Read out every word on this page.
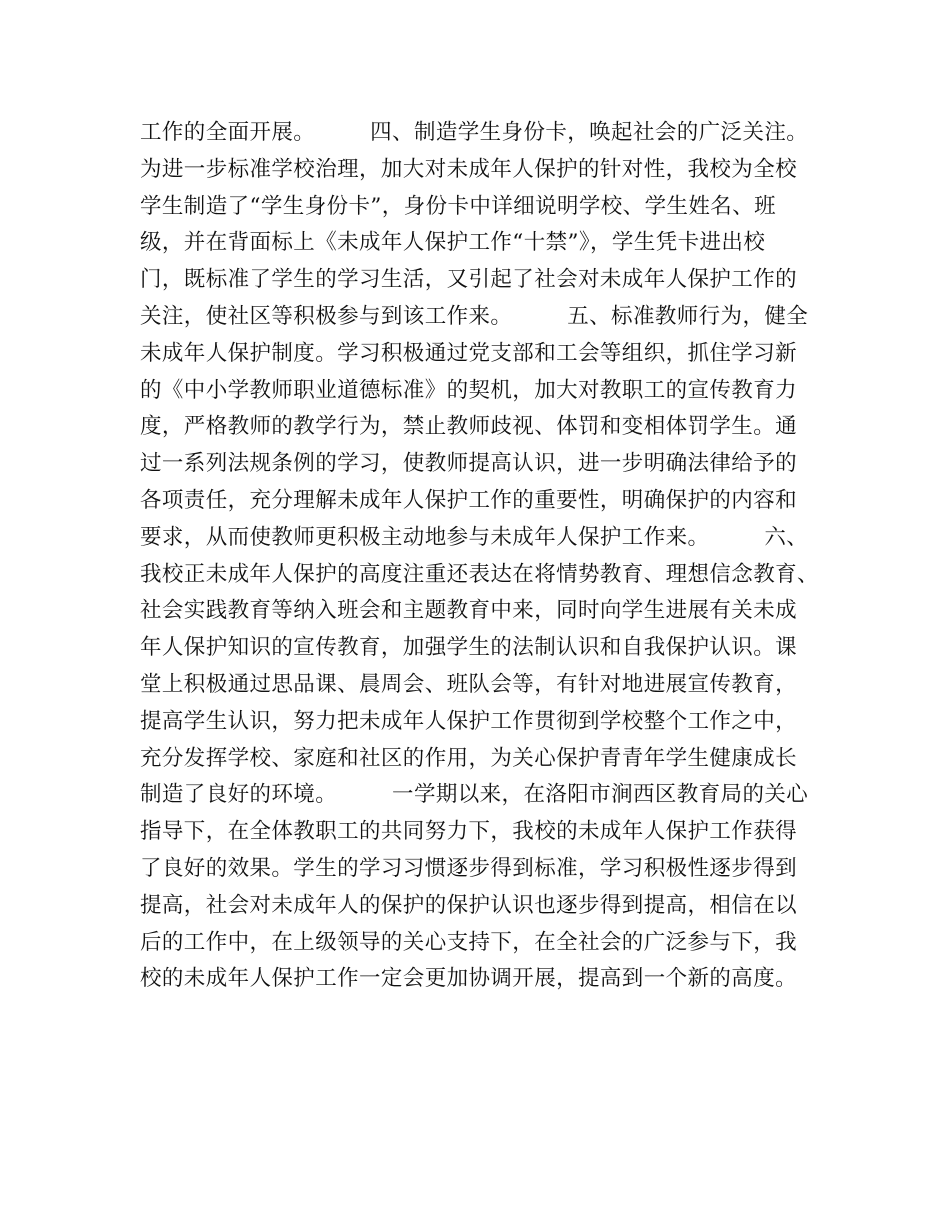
工作的全面开展。　　　四、制造学生身份卡，唤起社会的广泛关注。
为进一步标准学校治理，加大对未成年人保护的针对性，我校为全校
学生制造了“学生身份卡”，身份卡中详细说明学校、学生姓名、班
级，并在背面标上《未成年人保护工作“十禁”》，学生凭卡进出校
门，既标准了学生的学习生活，又引起了社会对未成年人保护工作的
关注，使社区等积极参与到该工作来。　　　五、标准教师行为，健全
未成年人保护制度。学习积极通过党支部和工会等组织，抓住学习新
的《中小学教师职业道德标准》的契机，加大对教职工的宣传教育力
度，严格教师的教学行为，禁止教师歧视、体罚和变相体罚学生。通
过一系列法规条例的学习，使教师提高认识，进一步明确法律给予的
各项责任，充分理解未成年人保护工作的重要性，明确保护的内容和
要求，从而使教师更积极主动地参与未成年人保护工作来。　　　六、
我校正未成年人保护的高度注重还表达在将情势教育、理想信念教育、
社会实践教育等纳入班会和主题教育中来，同时向学生进展有关未成
年人保护知识的宣传教育，加强学生的法制认识和自我保护认识。课
堂上积极通过思品课、晨周会、班队会等，有针对地进展宣传教育，
提高学生认识，努力把未成年人保护工作贯彻到学校整个工作之中，
充分发挥学校、家庭和社区的作用，为关心保护青青年学生健康成长
制造了良好的环境。　　　一学期以来，在洛阳市涧西区教育局的关心
指导下，在全体教职工的共同努力下，我校的未成年人保护工作获得
了良好的效果。学生的学习习惯逐步得到标准，学习积极性逐步得到
提高，社会对未成年人的保护的保护认识也逐步得到提高，相信在以
后的工作中，在上级领导的关心支持下，在全社会的广泛参与下，我
校的未成年人保护工作一定会更加协调开展，提高到一个新的高度。
